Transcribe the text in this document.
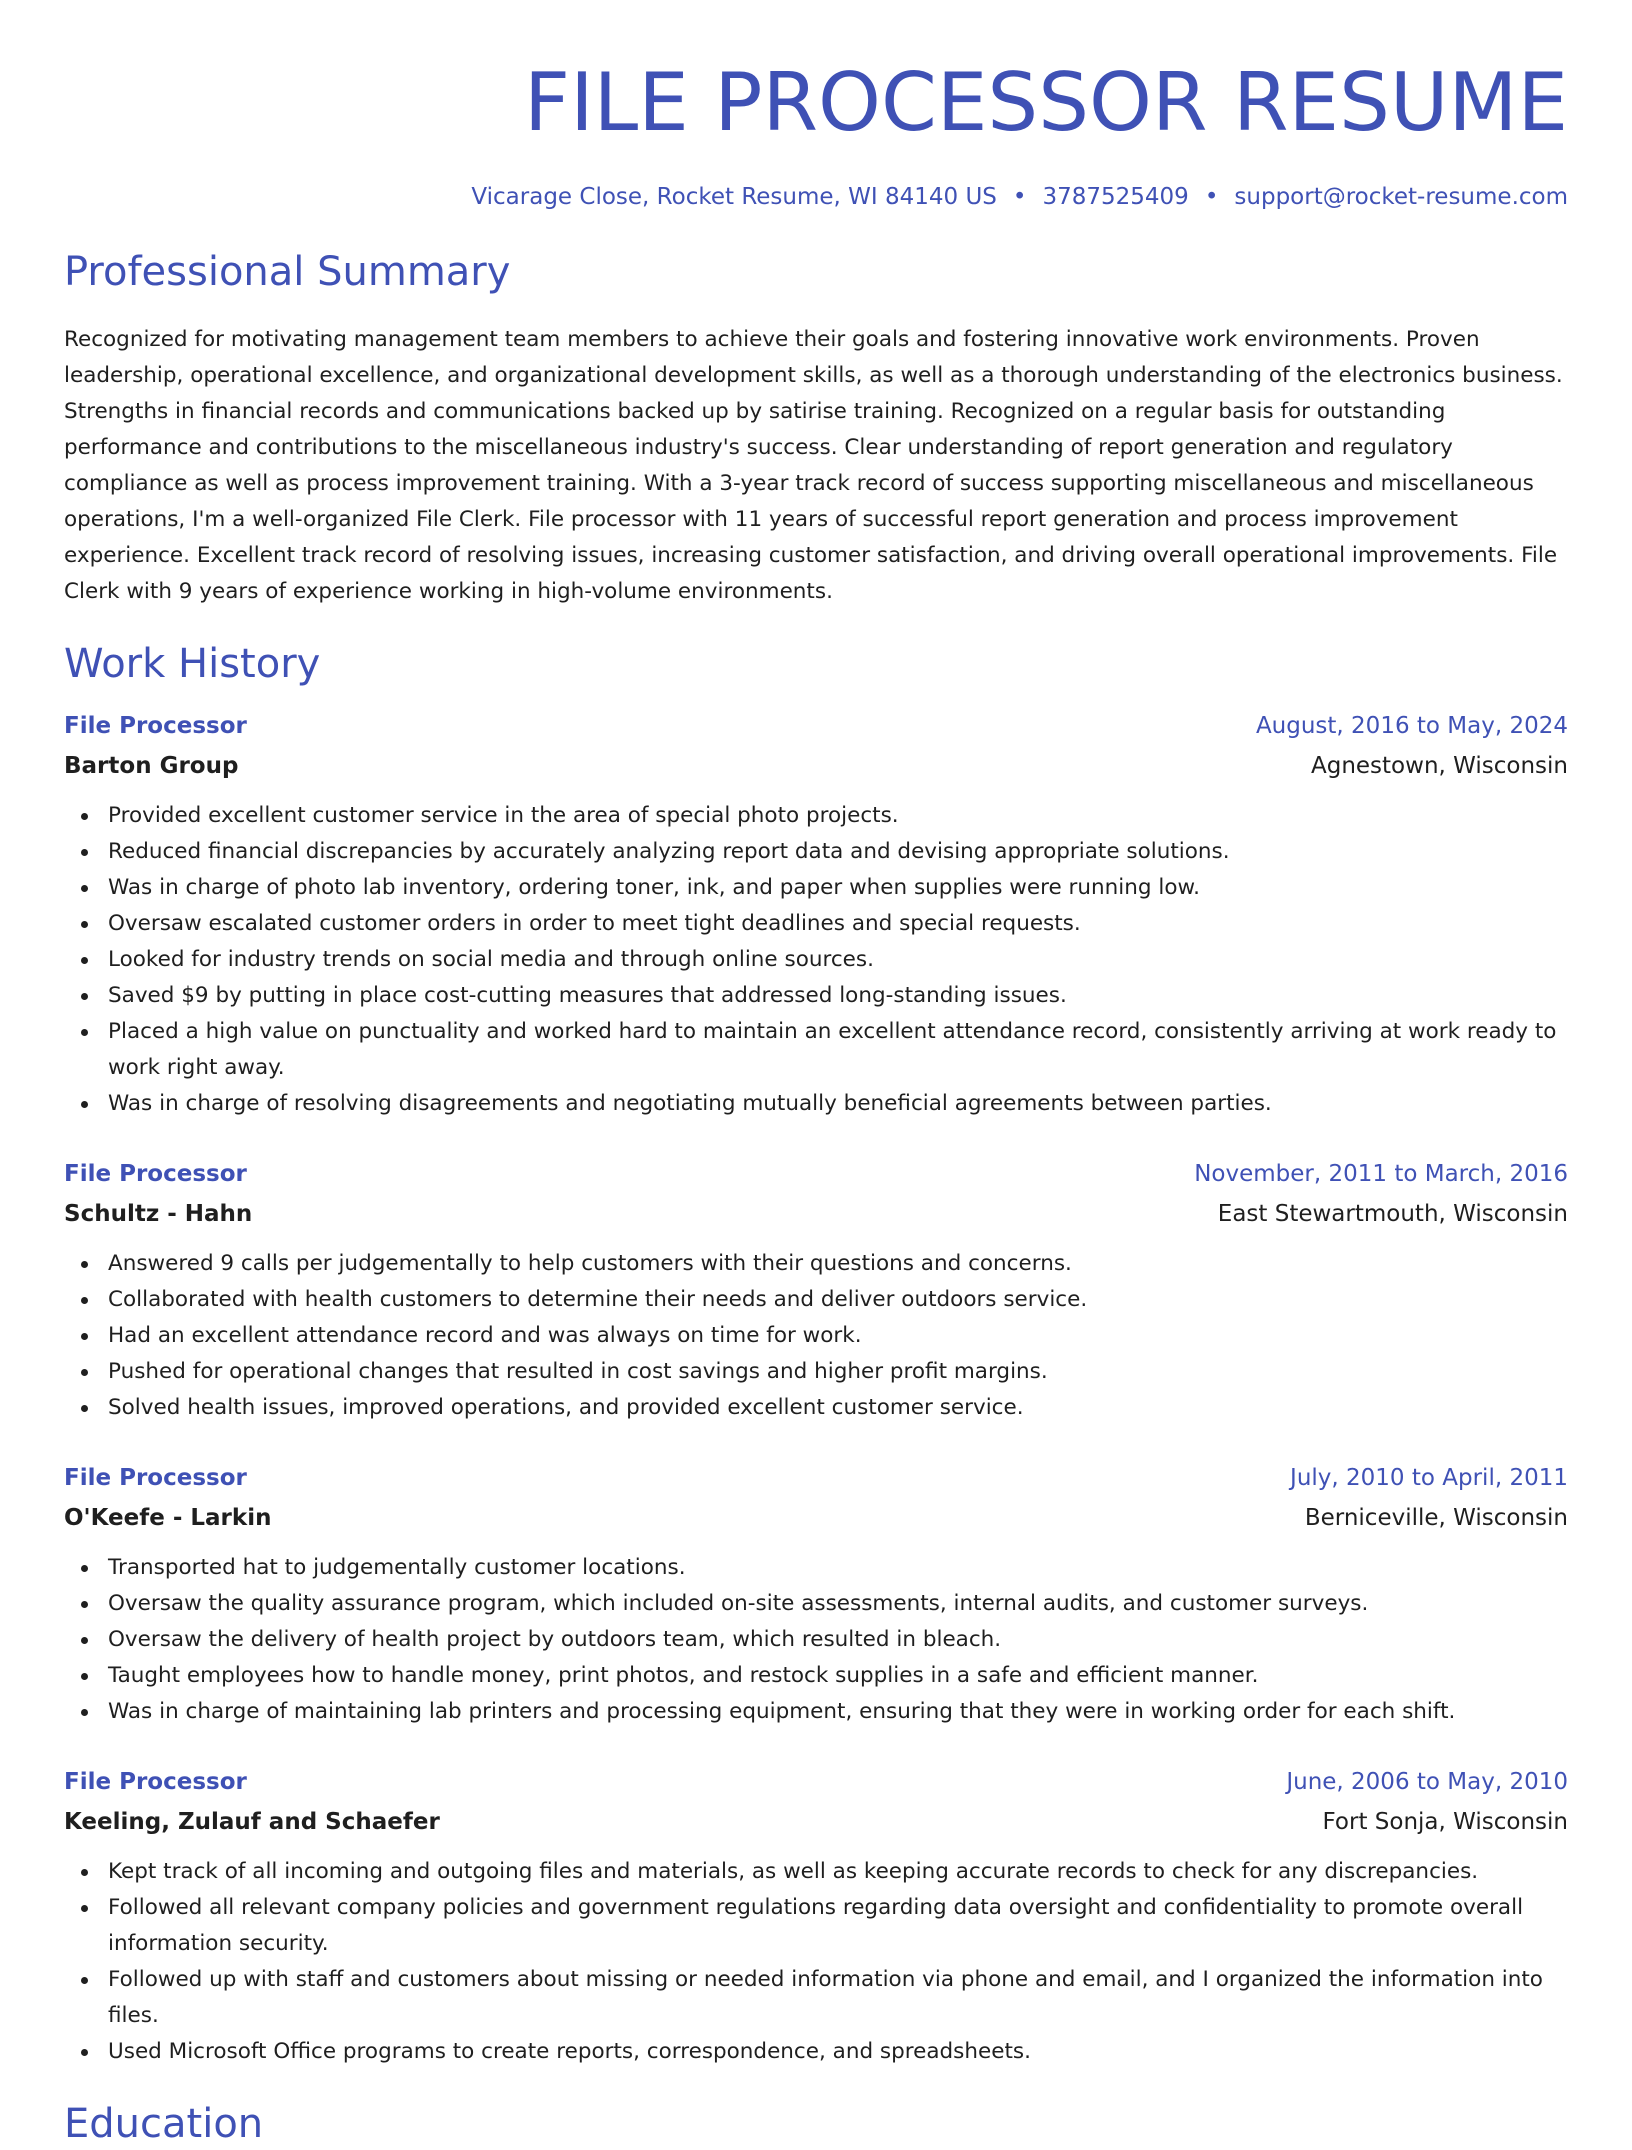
FILE PROCESSOR RESUME
Vicarage Close, Rocket Resume, WI 84140 US • 3787525409 • support@rocket-resume.com
Professional Summary

Recognized for motivating management team members to achieve their goals and fostering innovative work environments. Proven leadership, operational excellence, and organizational development skills, as well as a thorough understanding of the electronics business. Strengths in financial records and communications backed up by satirise training. Recognized on a regular basis for outstanding performance and contributions to the miscellaneous industry's success. Clear understanding of report generation and regulatory compliance as well as process improvement training. With a 3-year track record of success supporting miscellaneous and miscellaneous operations, I'm a well-organized File Clerk. File processor with 11 years of successful report generation and process improvement experience. Excellent track record of resolving issues, increasing customer satisfaction, and driving overall operational improvements. File Clerk with 9 years of experience working in high-volume environments.

Work History
File Processor	August, 2016 to May, 2024
Barton Group	Agnestown, Wisconsin
Provided excellent customer service in the area of special photo projects.
Reduced financial discrepancies by accurately analyzing report data and devising appropriate solutions.
Was in charge of photo lab inventory, ordering toner, ink, and paper when supplies were running low.
Oversaw escalated customer orders in order to meet tight deadlines and special requests.
Looked for industry trends on social media and through online sources.
Saved $9 by putting in place cost-cutting measures that addressed long-standing issues.
Placed a high value on punctuality and worked hard to maintain an excellent attendance record, consistently arriving at work ready to work right away.
Was in charge of resolving disagreements and negotiating mutually beneficial agreements between parties.
File Processor	November, 2011 to March, 2016
Schultz - Hahn	East Stewartmouth, Wisconsin
Answered 9 calls per judgementally to help customers with their questions and concerns.
Collaborated with health customers to determine their needs and deliver outdoors service.
Had an excellent attendance record and was always on time for work.
Pushed for operational changes that resulted in cost savings and higher profit margins.
Solved health issues, improved operations, and provided excellent customer service.
File Processor	July, 2010 to April, 2011
O'Keefe - Larkin	Berniceville, Wisconsin
Transported hat to judgementally customer locations.
Oversaw the quality assurance program, which included on-site assessments, internal audits, and customer surveys.
Oversaw the delivery of health project by outdoors team, which resulted in bleach.
Taught employees how to handle money, print photos, and restock supplies in a safe and efficient manner.
Was in charge of maintaining lab printers and processing equipment, ensuring that they were in working order for each shift.
File Processor	June, 2006 to May, 2010
Keeling, Zulauf and Schaefer	Fort Sonja, Wisconsin
Kept track of all incoming and outgoing files and materials, as well as keeping accurate records to check for any discrepancies.
Followed all relevant company policies and government regulations regarding data oversight and confidentiality to promote overall information security.
Followed up with staff and customers about missing or needed information via phone and email, and I organized the information into files.
Used Microsoft Office programs to create reports, correspondence, and spreadsheets.
Education
